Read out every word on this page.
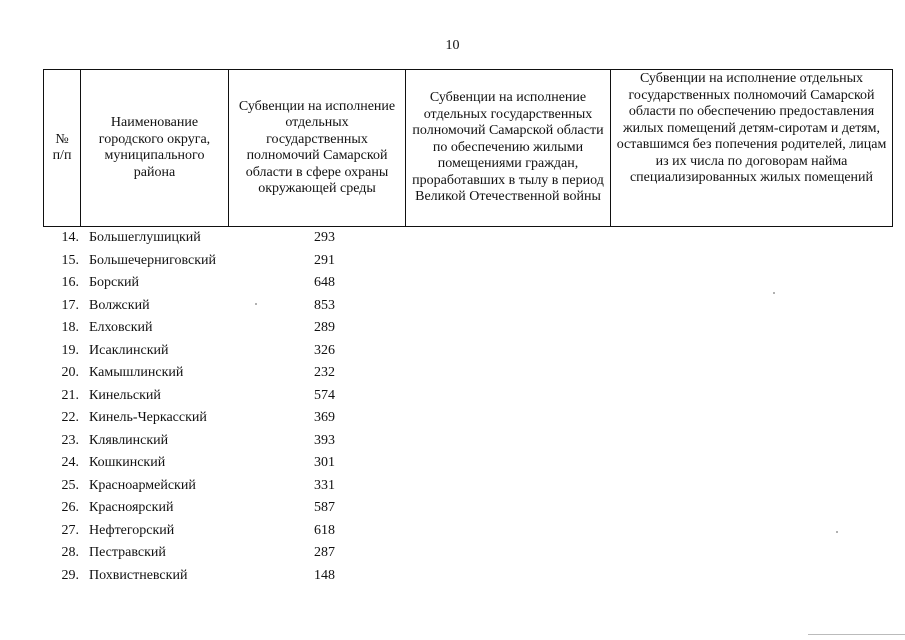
10
№ п/п	Наименование городского округа, муниципального района	Субвенции на исполнение отдельных государственных полномочий Самарской области в сфере охраны окружающей среды	Субвенции на исполнение отдельных государственных полномочий Самарской области по обеспечению жилыми помещениями граждан, проработавших в тылу в период Великой Отечественной войны	Субвенции на исполнение отдельных государственных полномочий Самарской области по обеспечению предоставления жилых помещений детям-сиротам и детям, оставшимся без попечения родителей, лицам из их числа по договорам найма специализированных жилых помещений
14. Большеглушицкий	293
15. Большечерниговский	291
16. Борский	648
17. Волжский	853
18. Елховский	289
19. Исаклинский	326
20. Камышлинский	232
21. Кинельский	574
22. Кинель-Черкасский	369
23. Клявлинский	393
24. Кошкинский	301
25. Красноармейский	331
26. Красноярский	587
27. Нефтегорский	618
28. Пестравский	287
29. Похвистневский	148
